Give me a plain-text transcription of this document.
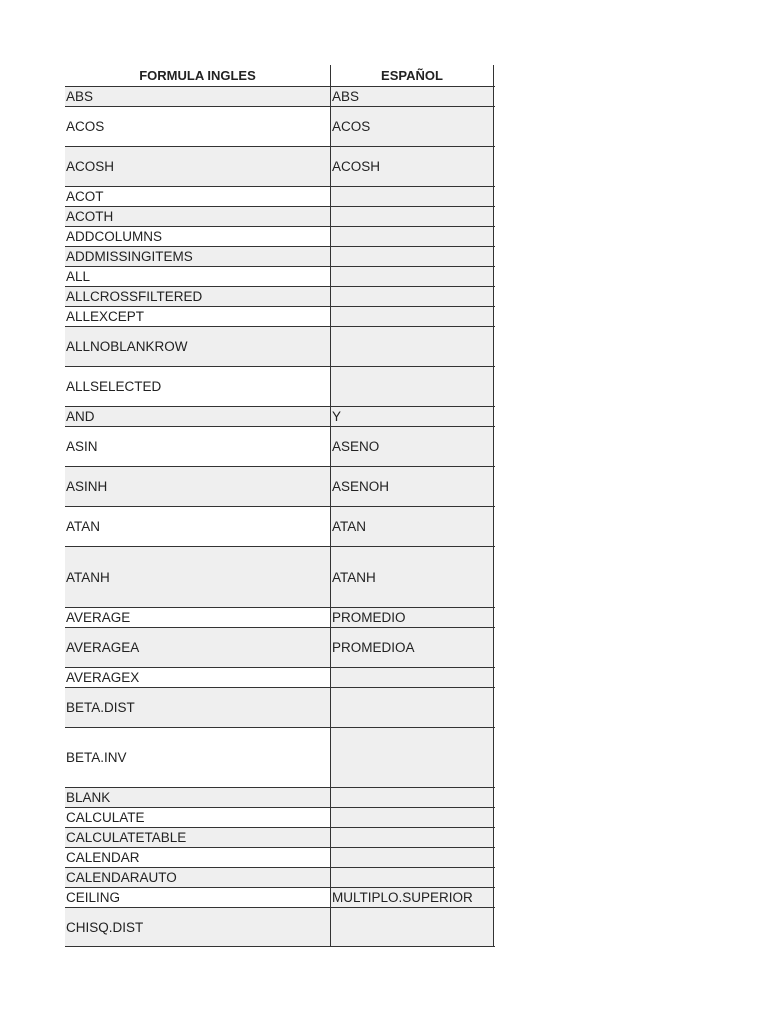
FORMULA INGLES	ESPAÑOL
ABS	ABS
ACOS	ACOS
ACOSH	ACOSH
ACOT
ACOTH
ADDCOLUMNS
ADDMISSINGITEMS
ALL
ALLCROSSFILTERED
ALLEXCEPT
ALLNOBLANKROW
ALLSELECTED
AND	Y
ASIN	ASENO
ASINH	ASENOH
ATAN	ATAN
ATANH	ATANH
AVERAGE	PROMEDIO
AVERAGEA	PROMEDIOA
AVERAGEX
BETA.DIST
BETA.INV
BLANK
CALCULATE
CALCULATETABLE
CALENDAR
CALENDARAUTO
CEILING	MULTIPLO.SUPERIOR
CHISQ.DIST
